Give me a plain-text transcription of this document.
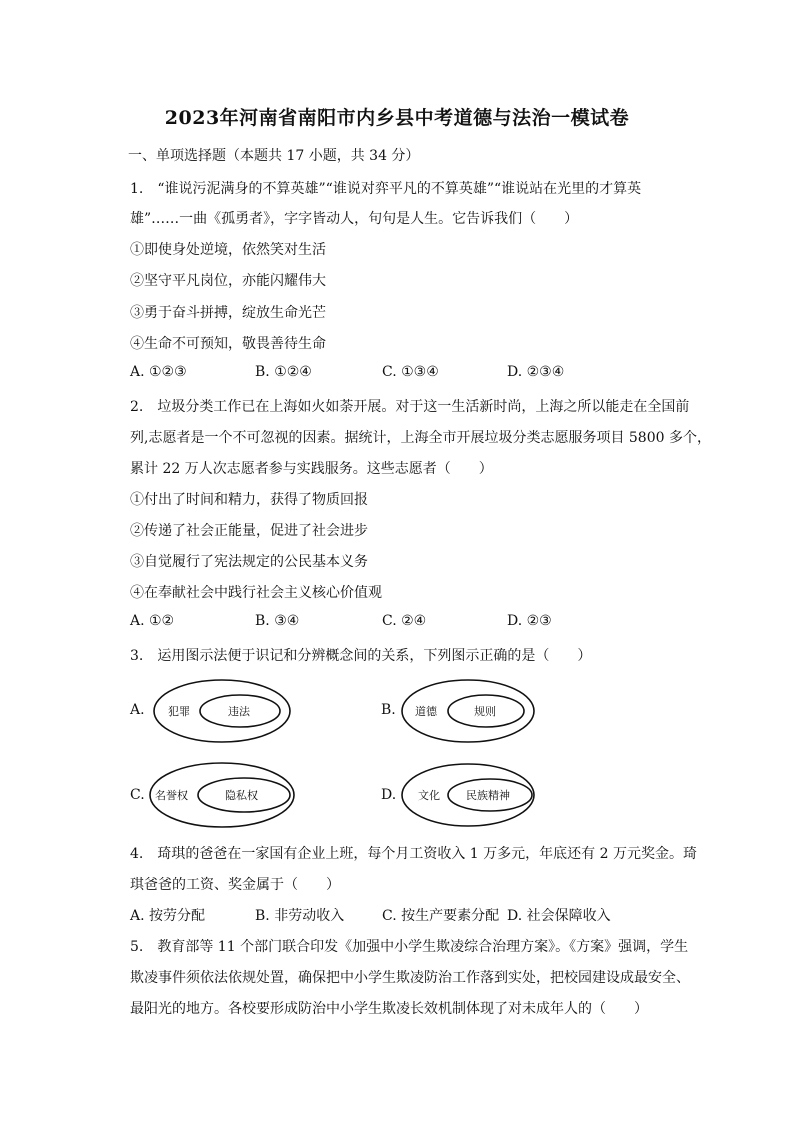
2023年河南省南阳市内乡县中考道德与法治一模试卷
一、单项选择题（本题共 17 小题，共 34 分）
1.　“谁说污泥满身的不算英雄”“谁说对弈平凡的不算英雄”“谁说站在光里的才算英
雄”……一曲《孤勇者》，字字皆动人，句句是人生。它告诉我们（　　）
①即使身处逆境，依然笑对生活
②坚守平凡岗位，亦能闪耀伟大
③勇于奋斗拼搏，绽放生命光芒
④生命不可预知，敬畏善待生命
A. ①②③	B. ①②④	C. ①③④	D. ②③④
2.　垃圾分类工作已在上海如火如荼开展。对于这一生活新时尚，上海之所以能走在全国前
列,志愿者是一个不可忽视的因素。据统计，上海全市开展垃圾分类志愿服务项目 5800 多个，
累计 22 万人次志愿者参与实践服务。这些志愿者（　　）
①付出了时间和精力，获得了物质回报
②传递了社会正能量，促进了社会进步
③自觉履行了宪法规定的公民基本义务
④在奉献社会中践行社会主义核心价值观
A. ①②	B. ③④	C. ②④	D. ②③
3.　运用图示法便于识记和分辨概念间的关系，下列图示正确的是（　　）
A. 犯罪	违法	B. 道德	规则
C. 名誉权	隐私权	D. 文化 民族精神
4.　琦琪的爸爸在一家国有企业上班，每个月工资收入 1 万多元，年底还有 2 万元奖金。琦
琪爸爸的工资、奖金属于（　　）
A. 按劳分配	B. 非劳动收入	C. 按生产要素分配 D. 社会保障收入
5.　教育部等 11 个部门联合印发《加强中小学生欺凌综合治理方案》。《方案》强调，学生
欺凌事件须依法依规处置，确保把中小学生欺凌防治工作落到实处，把校园建设成最安全、
最阳光的地方。各校要形成防治中小学生欺凌长效机制体现了对未成年人的（　　）
